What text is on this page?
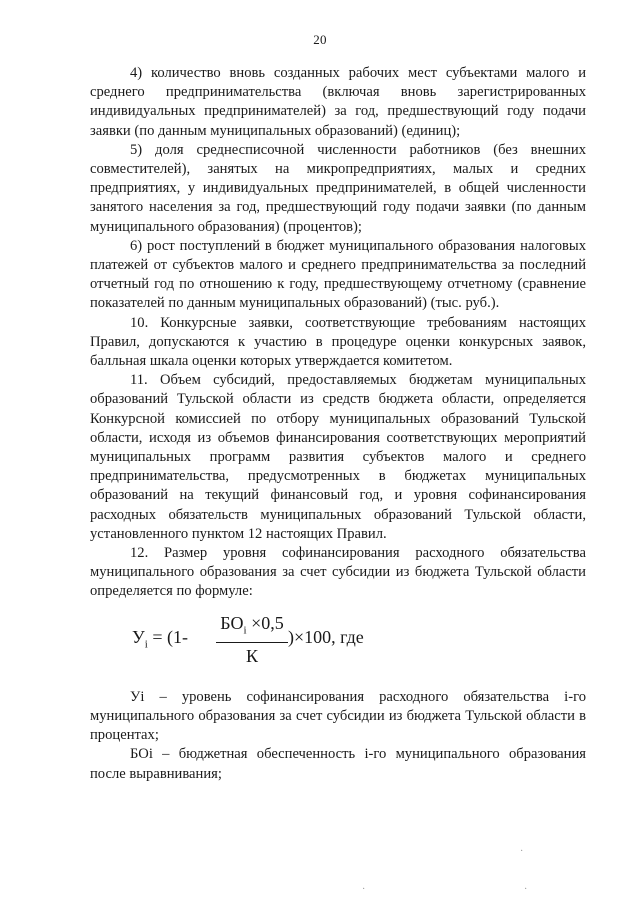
20

4) количество вновь созданных рабочих мест субъектами малого и среднего предпринимательства (включая вновь зарегистрированных индивидуальных предпринимателей) за год, предшествующий году подачи заявки (по данным муниципальных образований) (единиц);

5) доля среднесписочной численности работников (без внешних совместителей), занятых на микропредприятиях, малых и средних предприятиях, у индивидуальных предпринимателей, в общей численности занятого населения за год, предшествующий году подачи заявки (по данным муниципального образования) (процентов);

6) рост поступлений в бюджет муниципального образования налоговых платежей от субъектов малого и среднего предпринимательства за последний отчетный год по отношению к году, предшествующему отчетному (сравнение показателей по данным муниципальных образований) (тыс. руб.).

10. Конкурсные заявки, соответствующие требованиям настоящих Правил, допускаются к участию в процедуре оценки конкурсных заявок, балльная шкала оценки которых утверждается комитетом.

11. Объем субсидий, предоставляемых бюджетам муниципальных образований Тульской области из средств бюджета области, определяется Конкурсной комиссией по отбору муниципальных образований Тульской области, исходя из объемов финансирования соответствующих мероприятий муниципальных программ развития субъектов малого и среднего предпринимательства, предусмотренных в бюджетах муниципальных образований на текущий финансовый год, и уровня софинансирования расходных обязательств муниципальных образований Тульской области, установленного пунктом 12 настоящих Правил.

12. Размер уровня софинансирования расходного обязательства муниципального образования за счет субсидии из бюджета Тульской области определяется по формуле:

$У_i = (1-$
$БО_i \times 0,5$
К
)×100, где

Уi – уровень софинансирования расходного обязательства i-го муниципального образования за счет субсидии из бюджета Тульской области в процентах;

БОi – бюджетная обеспеченность i-го муниципального образования после выравнивания;

·
·	·
